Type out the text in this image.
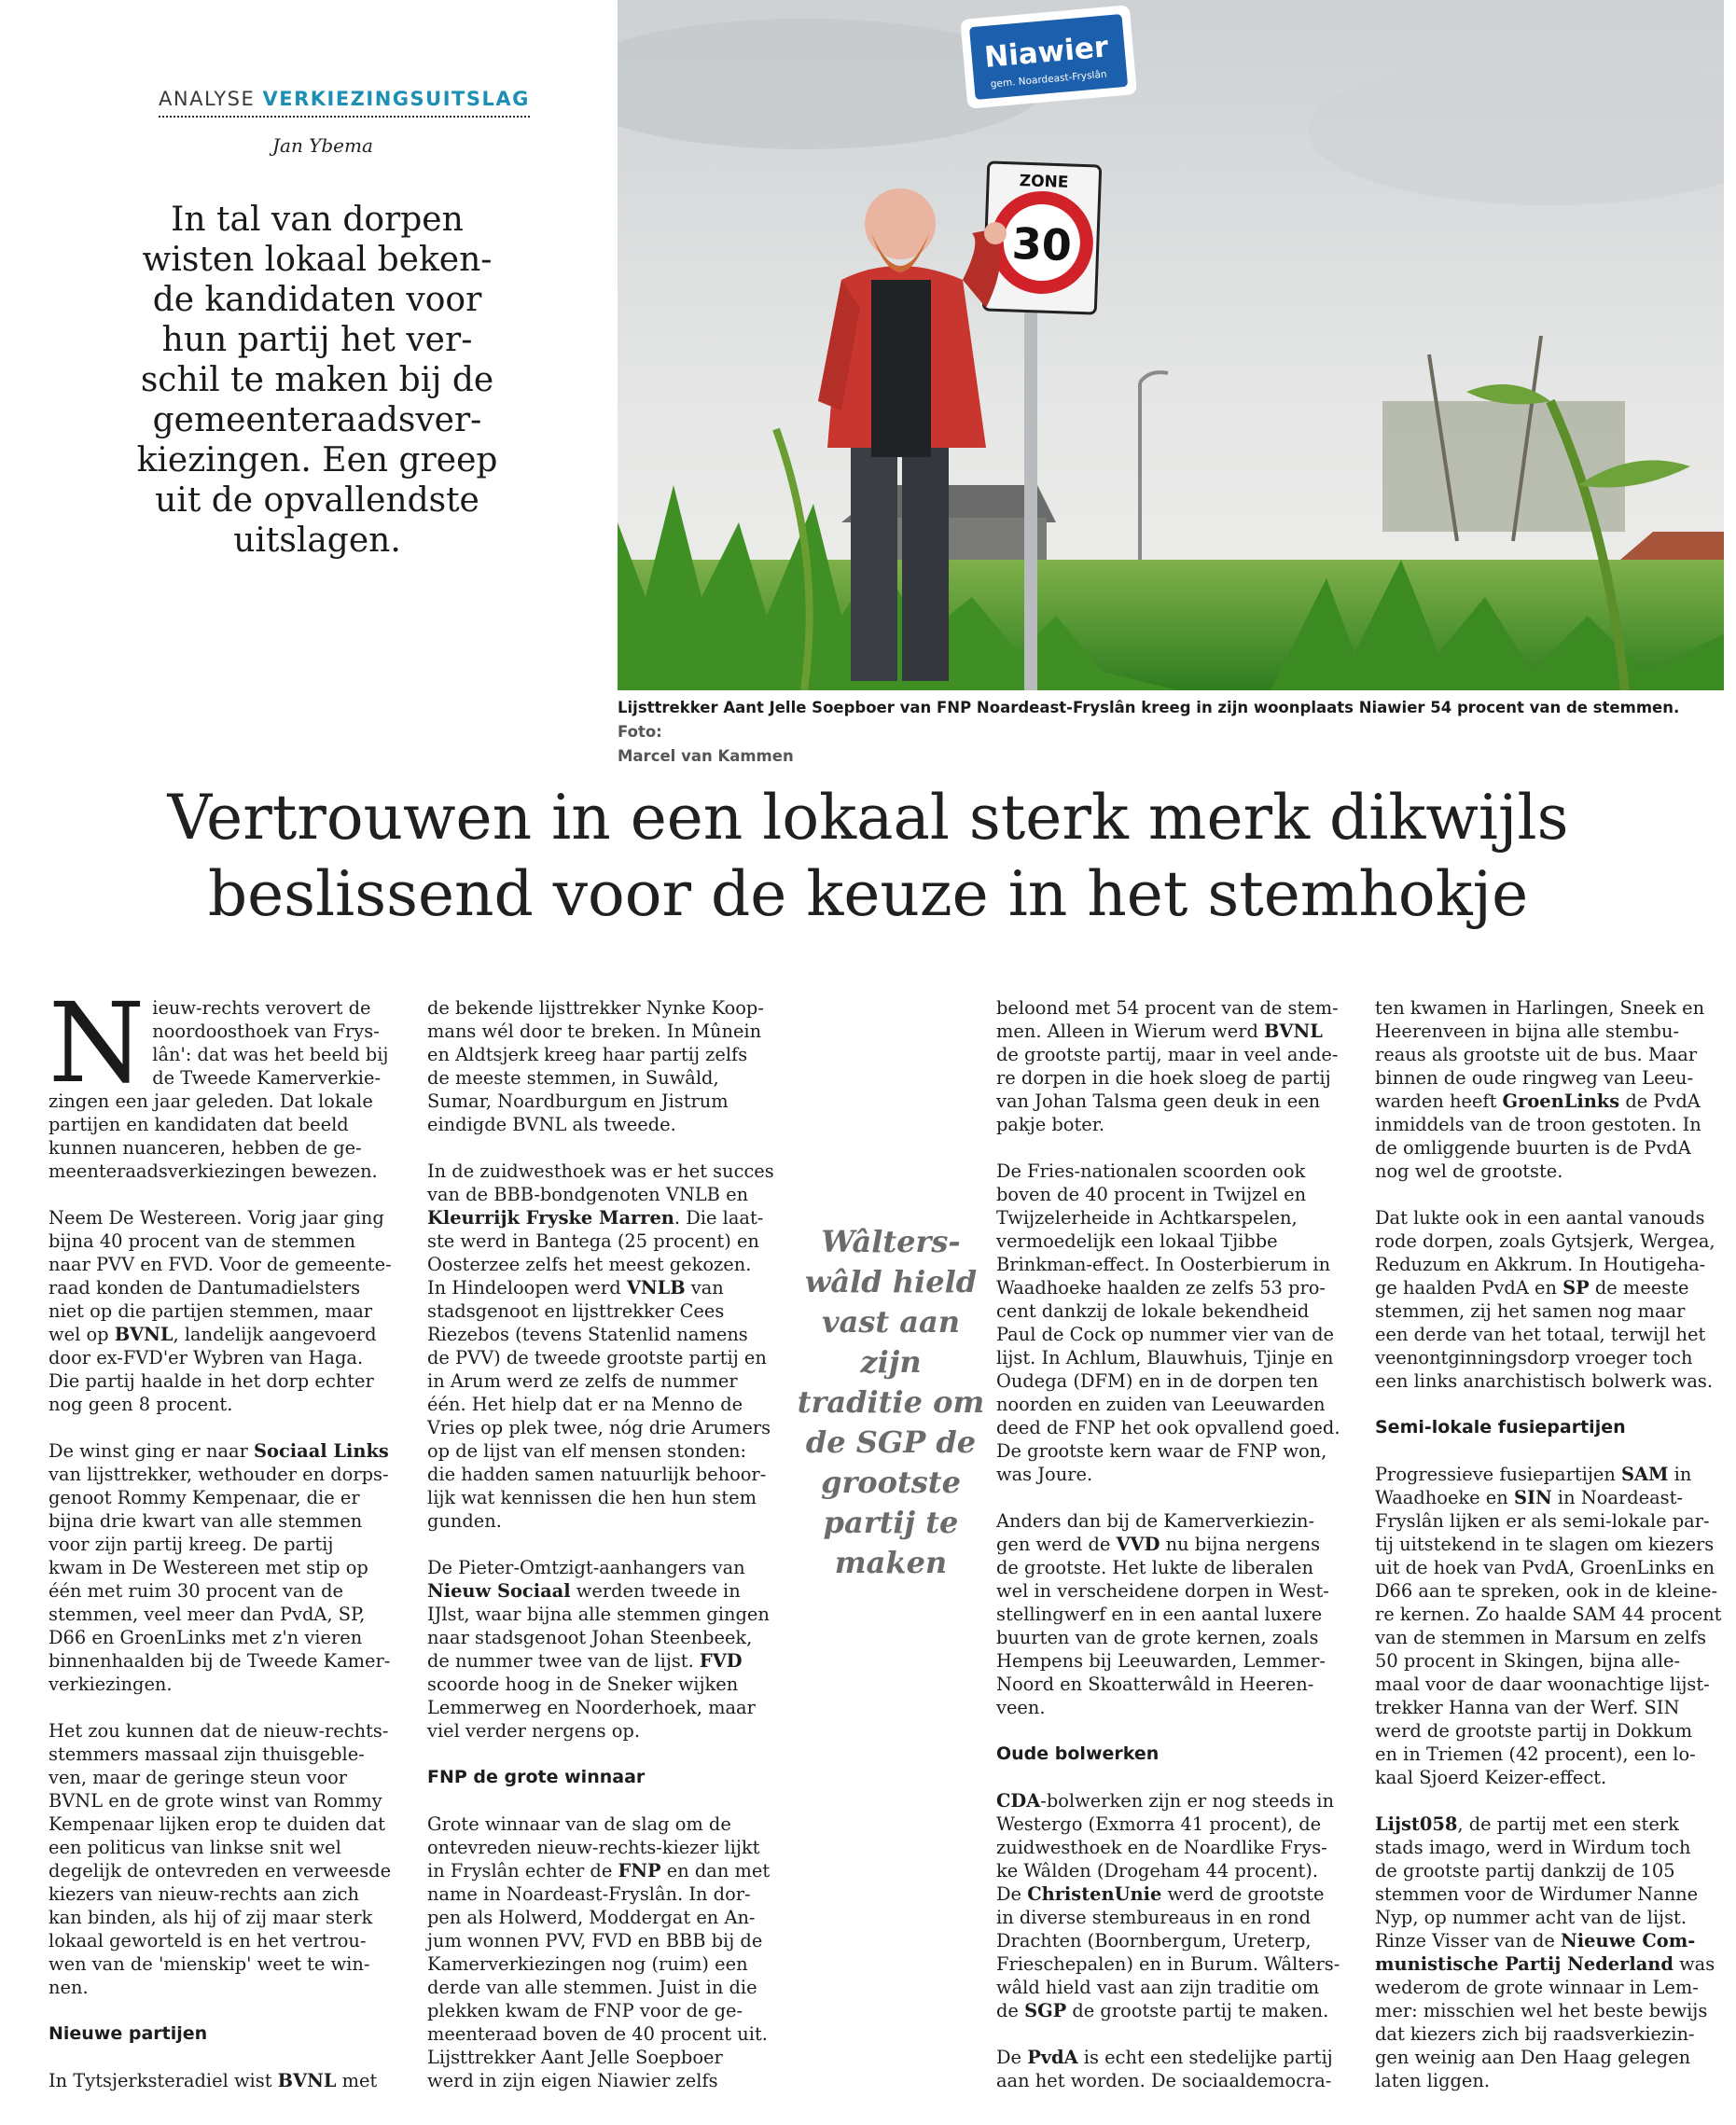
ANALYSE VERKIEZINGSUITSLAG
Jan Ybema
In tal van dorpen
wisten lokaal beken-
de kandidaten voor
hun partij het ver-
schil te maken bij de
gemeenteraadsver-
kiezingen. Een greep
uit de opvallendste
uitslagen.
Niawier
gem. Noardeast-Fryslân
ZONE
30
Lijsttrekker Aant Jelle Soepboer van FNP Noardeast-Fryslân kreeg in zijn woonplaats Niawier 54 procent van de stemmen. Foto:
Marcel van Kammen
Vertrouwen in een lokaal sterk merk dikwijls
beslissend voor de keuze in het stemhokje

N ieuw-rechts verovert de
noordoosthoek van Frys-
lân': dat was het beeld bij
de Tweede Kamerverkie-
zingen een jaar geleden. Dat lokale
partijen en kandidaten dat beeld
kunnen nuanceren, hebben de ge-
meenteraadsverkiezingen bewezen.

Neem De Westereen. Vorig jaar ging
bijna 40 procent van de stemmen
naar PVV en FVD. Voor de gemeente-
raad konden de Dantumadielsters
niet op die partijen stemmen, maar
wel op BVNL, landelijk aangevoerd
door ex-FVD'er Wybren van Haga.
Die partij haalde in het dorp echter
nog geen 8 procent.

De winst ging er naar Sociaal Links
van lijsttrekker, wethouder en dorps-
genoot Rommy Kempenaar, die er
bijna drie kwart van alle stemmen
voor zijn partij kreeg. De partij
kwam in De Westereen met stip op
één met ruim 30 procent van de
stemmen, veel meer dan PvdA, SP,
D66 en GroenLinks met z'n vieren
binnenhaalden bij de Tweede Kamer-
verkiezingen.

Het zou kunnen dat de nieuw-rechts-
stemmers massaal zijn thuisgeble-
ven, maar de geringe steun voor
BVNL en de grote winst van Rommy
Kempenaar lijken erop te duiden dat
een politicus van linkse snit wel
degelijk de ontevreden en verweesde
kiezers van nieuw-rechts aan zich
kan binden, als hij of zij maar sterk
lokaal geworteld is en het vertrou-
wen van de 'mienskip' weet te win-
nen.

Nieuwe partijen

In Tytsjerksteradiel wist BVNL met

de bekende lijsttrekker Nynke Koop-
mans wél door te breken. In Mûnein
en Aldtsjerk kreeg haar partij zelfs
de meeste stemmen, in Suwâld,
Sumar, Noardburgum en Jistrum
eindigde BVNL als tweede.

In de zuidwesthoek was er het succes
van de BBB-bondgenoten VNLB en
Kleurrijk Fryske Marren. Die laat-
ste werd in Bantega (25 procent) en
Oosterzee zelfs het meest gekozen.
In Hindeloopen werd VNLB van
stadsgenoot en lijsttrekker Cees
Riezebos (tevens Statenlid namens
de PVV) de tweede grootste partij en
in Arum werd ze zelfs de nummer
één. Het hielp dat er na Menno de
Vries op plek twee, nóg drie Arumers
op de lijst van elf mensen stonden:
die hadden samen natuurlijk behoor-
lijk wat kennissen die hen hun stem
gunden.

De Pieter-Omtzigt-aanhangers van
Nieuw Sociaal werden tweede in
IJlst, waar bijna alle stemmen gingen
naar stadsgenoot Johan Steenbeek,
de nummer twee van de lijst. FVD
scoorde hoog in de Sneker wijken
Lemmerweg en Noorderhoek, maar
viel verder nergens op.

FNP de grote winnaar

Grote winnaar van de slag om de
ontevreden nieuw-rechts-kiezer lijkt
in Fryslân echter de FNP en dan met
name in Noardeast-Fryslân. In dor-
pen als Holwerd, Moddergat en An-
jum wonnen PVV, FVD en BBB bij de
Kamerverkiezingen nog (ruim) een
derde van alle stemmen. Juist in die
plekken kwam de FNP voor de ge-
meenteraad boven de 40 procent uit.
Lijsttrekker Aant Jelle Soepboer
werd in zijn eigen Niawier zelfs

Wâlters-
wâld hield
vast aan
zijn
traditie om
de SGP de
grootste
partij te
maken

beloond met 54 procent van de stem-
men. Alleen in Wierum werd BVNL
de grootste partij, maar in veel ande-
re dorpen in die hoek sloeg de partij
van Johan Talsma geen deuk in een
pakje boter.

De Fries-nationalen scoorden ook
boven de 40 procent in Twijzel en
Twijzelerheide in Achtkarspelen,
vermoedelijk een lokaal Tjibbe
Brinkman-effect. In Oosterbierum in
Waadhoeke haalden ze zelfs 53 pro-
cent dankzij de lokale bekendheid
Paul de Cock op nummer vier van de
lijst. In Achlum, Blauwhuis, Tjinje en
Oudega (DFM) en in de dorpen ten
noorden en zuiden van Leeuwarden
deed de FNP het ook opvallend goed.
De grootste kern waar de FNP won,
was Joure.

Anders dan bij de Kamerverkiezin-
gen werd de VVD nu bijna nergens
de grootste. Het lukte de liberalen
wel in verscheidene dorpen in West-
stellingwerf en in een aantal luxere
buurten van de grote kernen, zoals
Hempens bij Leeuwarden, Lemmer-
Noord en Skoatterwâld in Heeren-
veen.

Oude bolwerken

CDA-bolwerken zijn er nog steeds in
Westergo (Exmorra 41 procent), de
zuidwesthoek en de Noardlike Frys-
ke Wâlden (Drogeham 44 procent).
De ChristenUnie werd de grootste
in diverse stembureaus in en rond
Drachten (Boornbergum, Ureterp,
Frieschepalen) en in Burum. Wâlters-
wâld hield vast aan zijn traditie om
de SGP de grootste partij te maken.

De PvdA is echt een stedelijke partij
aan het worden. De sociaaldemocra-

ten kwamen in Harlingen, Sneek en
Heerenveen in bijna alle stembu-
reaus als grootste uit de bus. Maar
binnen de oude ringweg van Leeu-
warden heeft GroenLinks de PvdA
inmiddels van de troon gestoten. In
de omliggende buurten is de PvdA
nog wel de grootste.

Dat lukte ook in een aantal vanouds
rode dorpen, zoals Gytsjerk, Wergea,
Reduzum en Akkrum. In Houtigeha-
ge haalden PvdA en SP de meeste
stemmen, zij het samen nog maar
een derde van het totaal, terwijl het
veenontginningsdorp vroeger toch
een links anarchistisch bolwerk was.

Semi-lokale fusiepartijen

Progressieve fusiepartijen SAM in
Waadhoeke en SIN in Noardeast-
Fryslân lijken er als semi-lokale par-
tij uitstekend in te slagen om kiezers
uit de hoek van PvdA, GroenLinks en
D66 aan te spreken, ook in de kleine-
re kernen. Zo haalde SAM 44 procent
van de stemmen in Marsum en zelfs
50 procent in Skingen, bijna alle-
maal voor de daar woonachtige lijst-
trekker Hanna van der Werf. SIN
werd de grootste partij in Dokkum
en in Triemen (42 procent), een lo-
kaal Sjoerd Keizer-effect.

Lijst058, de partij met een sterk
stads imago, werd in Wirdum toch
de grootste partij dankzij de 105
stemmen voor de Wirdumer Nanne
Nyp, op nummer acht van de lijst.
Rinze Visser van de Nieuwe Com-
munistische Partij Nederland was
wederom de grote winnaar in Lem-
mer: misschien wel het beste bewijs
dat kiezers zich bij raadsverkiezin-
gen weinig aan Den Haag gelegen
laten liggen.
